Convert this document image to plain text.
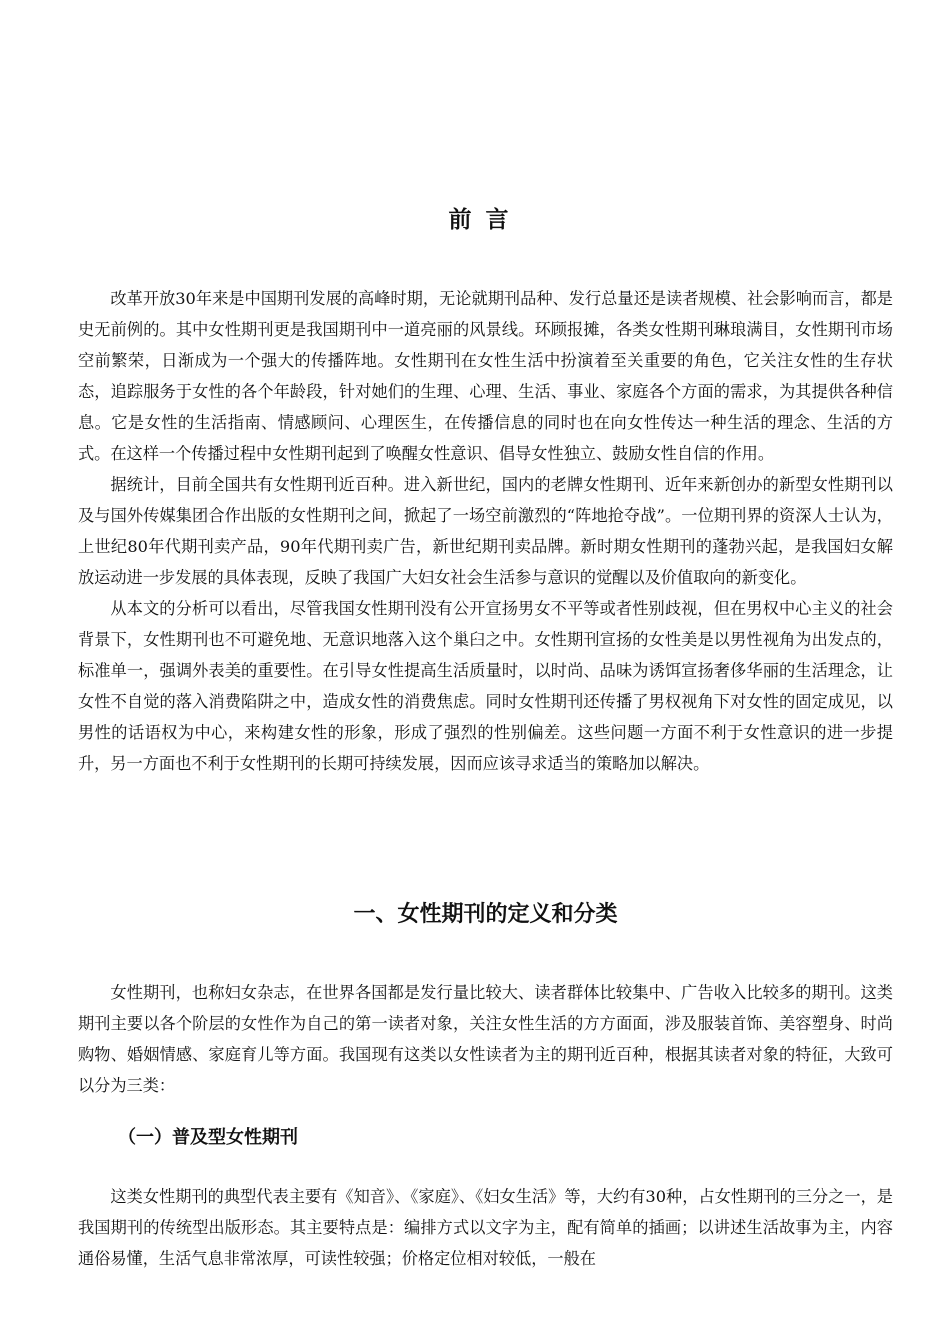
前言

改革开放30年来是中国期刊发展的高峰时期，无论就期刊品种、发行总量还是读者规模、社会影响而言，都是史无前例的。其中女性期刊更是我国期刊中一道亮丽的风景线。环顾报摊，各类女性期刊琳琅满目，女性期刊市场空前繁荣，日渐成为一个强大的传播阵地。女性期刊在女性生活中扮演着至关重要的角色，它关注女性的生存状态，追踪服务于女性的各个年龄段，针对她们的生理、心理、生活、事业、家庭各个方面的需求，为其提供各种信息。它是女性的生活指南、情感顾问、心理医生，在传播信息的同时也在向女性传达一种生活的理念、生活的方式。在这样一个传播过程中女性期刊起到了唤醒女性意识、倡导女性独立、鼓励女性自信的作用。

据统计，目前全国共有女性期刊近百种。进入新世纪，国内的老牌女性期刊、近年来新创办的新型女性期刊以及与国外传媒集团合作出版的女性期刊之间，掀起了一场空前激烈的“阵地抢夺战”。一位期刊界的资深人士认为，上世纪80年代期刊卖产品，90年代期刊卖广告，新世纪期刊卖品牌。新时期女性期刊的蓬勃兴起，是我国妇女解放运动进一步发展的具体表现，反映了我国广大妇女社会生活参与意识的觉醒以及价值取向的新变化。

从本文的分析可以看出，尽管我国女性期刊没有公开宣扬男女不平等或者性别歧视，但在男权中心主义的社会背景下，女性期刊也不可避免地、无意识地落入这个巢臼之中。女性期刊宣扬的女性美是以男性视角为出发点的，标准单一，强调外表美的重要性。在引导女性提高生活质量时，以时尚、品味为诱饵宣扬奢侈华丽的生活理念，让女性不自觉的落入消费陷阱之中，造成女性的消费焦虑。同时女性期刊还传播了男权视角下对女性的固定成见，以男性的话语权为中心，来构建女性的形象，形成了强烈的性别偏差。这些问题一方面不利于女性意识的进一步提升，另一方面也不利于女性期刊的长期可持续发展，因而应该寻求适当的策略加以解决。

一、女性期刊的定义和分类

女性期刊，也称妇女杂志，在世界各国都是发行量比较大、读者群体比较集中、广告收入比较多的期刊。这类期刊主要以各个阶层的女性作为自己的第一读者对象，关注女性生活的方方面面，涉及服装首饰、美容塑身、时尚购物、婚姻情感、家庭育儿等方面。我国现有这类以女性读者为主的期刊近百种，根据其读者对象的特征，大致可以分为三类：

（一）普及型女性期刊

这类女性期刊的典型代表主要有《知音》、《家庭》、《妇女生活》等，大约有30种，占女性期刊的三分之一，是我国期刊的传统型出版形态。其主要特点是：编排方式以文字为主，配有简单的插画；以讲述生活故事为主，内容通俗易懂，生活气息非常浓厚，可读性较强；价格定位相对较低，一般在
